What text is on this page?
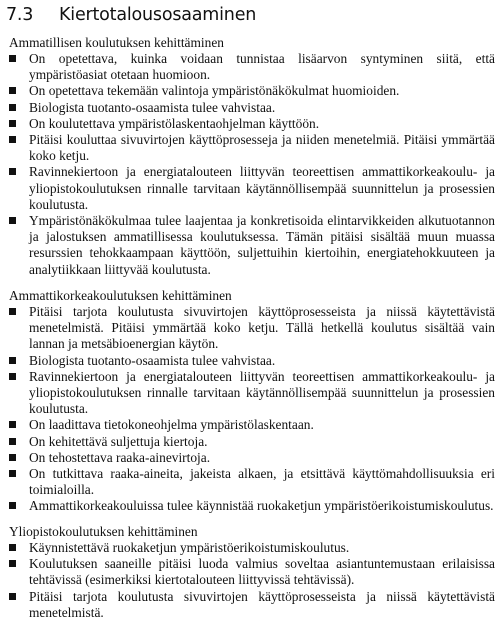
7.3	Kiertotalousosaaminen
Ammatillisen koulutuksen kehittäminen
On opetettava, kuinka voidaan tunnistaa lisäarvon syntyminen siitä, että ympäristöasiat otetaan huomioon.
On opetettava tekemään valintoja ympäristönäkökulmat huomioiden.
Biologista tuotanto-osaamista tulee vahvistaa.
On koulutettava ympäristölaskentaohjelman käyttöön.
Pitäisi kouluttaa sivuvirtojen käyttöprosesseja ja niiden menetelmiä. Pitäisi ymmärtää koko ketju.
Ravinnekiertoon ja energiatalouteen liittyvän teoreettisen ammattikorkeakoulu- ja yliopistokoulutuksen rinnalle tarvitaan käytännöllisempää suunnittelun ja prosessien koulutusta.
Ympäristönäkökulmaa tulee laajentaa ja konkretisoida elintarvikkeiden alkutuotannon ja jalostuksen ammatillisessa koulutuksessa. Tämän pitäisi sisältää muun muassa resurssien tehokkaampaan käyttöön, suljettuihin kiertoihin, energiatehokkuuteen ja analytiikkaan liittyvää koulutusta.
Ammattikorkeakoulutuksen kehittäminen
Pitäisi tarjota koulutusta sivuvirtojen käyttöprosesseista ja niissä käytettävistä menetelmistä. Pitäisi ymmärtää koko ketju. Tällä hetkellä koulutus sisältää vain lannan ja metsäbioenergian käytön.
Biologista tuotanto-osaamista tulee vahvistaa.
Ravinnekiertoon ja energiatalouteen liittyvän teoreettisen ammattikorkeakoulu- ja yliopistokoulutuksen rinnalle tarvitaan käytännöllisempää suunnittelun ja prosessien koulutusta.
On laadittava tietokoneohjelma ympäristölaskentaan.
On kehitettävä suljettuja kiertoja.
On tehostettava raaka-ainevirtoja.
On tutkittava raaka-aineita, jakeista alkaen, ja etsittävä käyttömahdollisuuksia eri toimialoilla.
Ammattikorkeakouluissa tulee käynnistää ruokaketjun ympäristöerikoistumiskoulutus.
Yliopistokoulutuksen kehittäminen
Käynnistettävä ruokaketjun ympäristöerikoistumiskoulutus.
Koulutuksen saaneille pitäisi luoda valmius soveltaa asiantuntemustaan erilaisissa tehtävissä (esimerkiksi kiertotalouteen liittyvissä tehtävissä).
Pitäisi tarjota koulutusta sivuvirtojen käyttöprosesseista ja niissä käytettävistä menetelmistä.
